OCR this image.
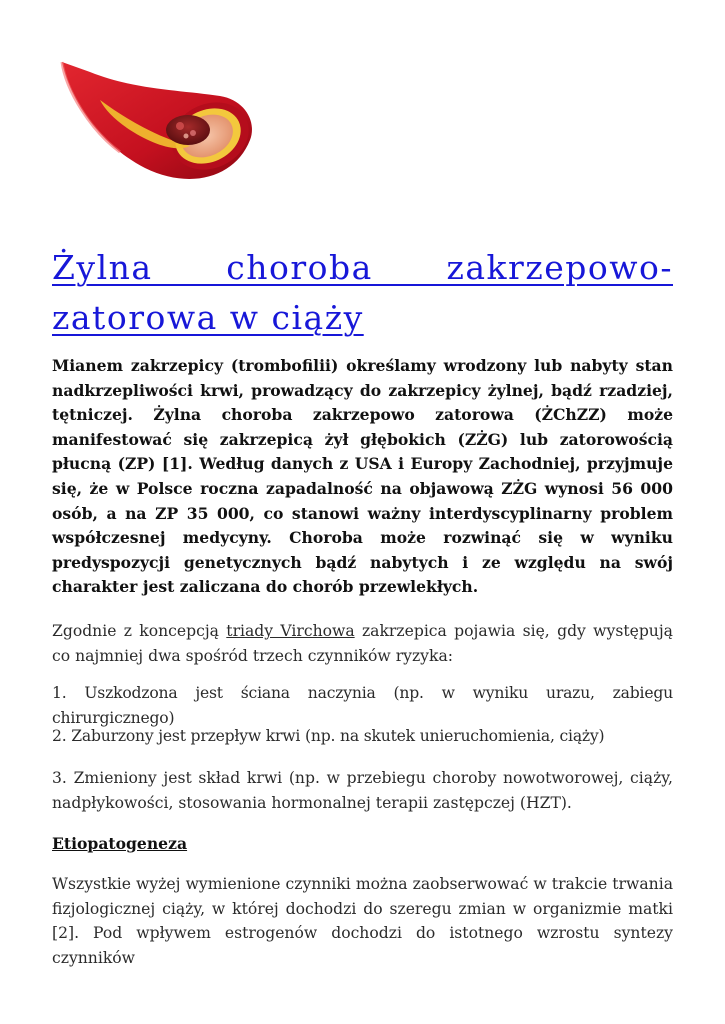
Żylna choroba zakrzepowo-
zatorowa w ciąży

Mianem zakrzepicy (trombofilii) określamy wrodzony lub nabyty stan nadkrzepliwości krwi, prowadzący do zakrzepicy żylnej, bądź rzadziej, tętniczej. Żylna choroba zakrzepowo zatorowa (ŻChZZ) może manifestować się zakrzepicą żył głębokich (ZŻG) lub zatorowością płucną (ZP) [1]. Według danych z USA i Europy Zachodniej, przyjmuje się, że w Polsce roczna zapadalność na objawową ZŻG wynosi 56 000 osób, a na ZP 35 000, co stanowi ważny interdyscyplinarny problem współczesnej medycyny. Choroba może rozwinąć się w wyniku predyspozycji genetycznych bądź nabytych i ze względu na swój charakter jest zaliczana do chorób przewlekłych.

Zgodnie z koncepcją triady Virchowa zakrzepica pojawia się, gdy występują co najmniej dwa spośród trzech czynników ryzyka:

1. Uszkodzona jest ściana naczynia (np. w wyniku urazu, zabiegu chirurgicznego)

2. Zaburzony jest przepływ krwi (np. na skutek unieruchomienia, ciąży)

3. Zmieniony jest skład krwi (np. w przebiegu choroby nowotworowej, ciąży, nadpłykowości, stosowania hormonalnej terapii zastępczej (HZT).

Etiopatogeneza

Wszystkie wyżej wymienione czynniki można zaobserwować w trakcie trwania fizjologicznej ciąży, w której dochodzi do szeregu zmian w organizmie matki [2]. Pod wpływem estrogenów dochodzi do istotnego wzrostu syntezy czynników
